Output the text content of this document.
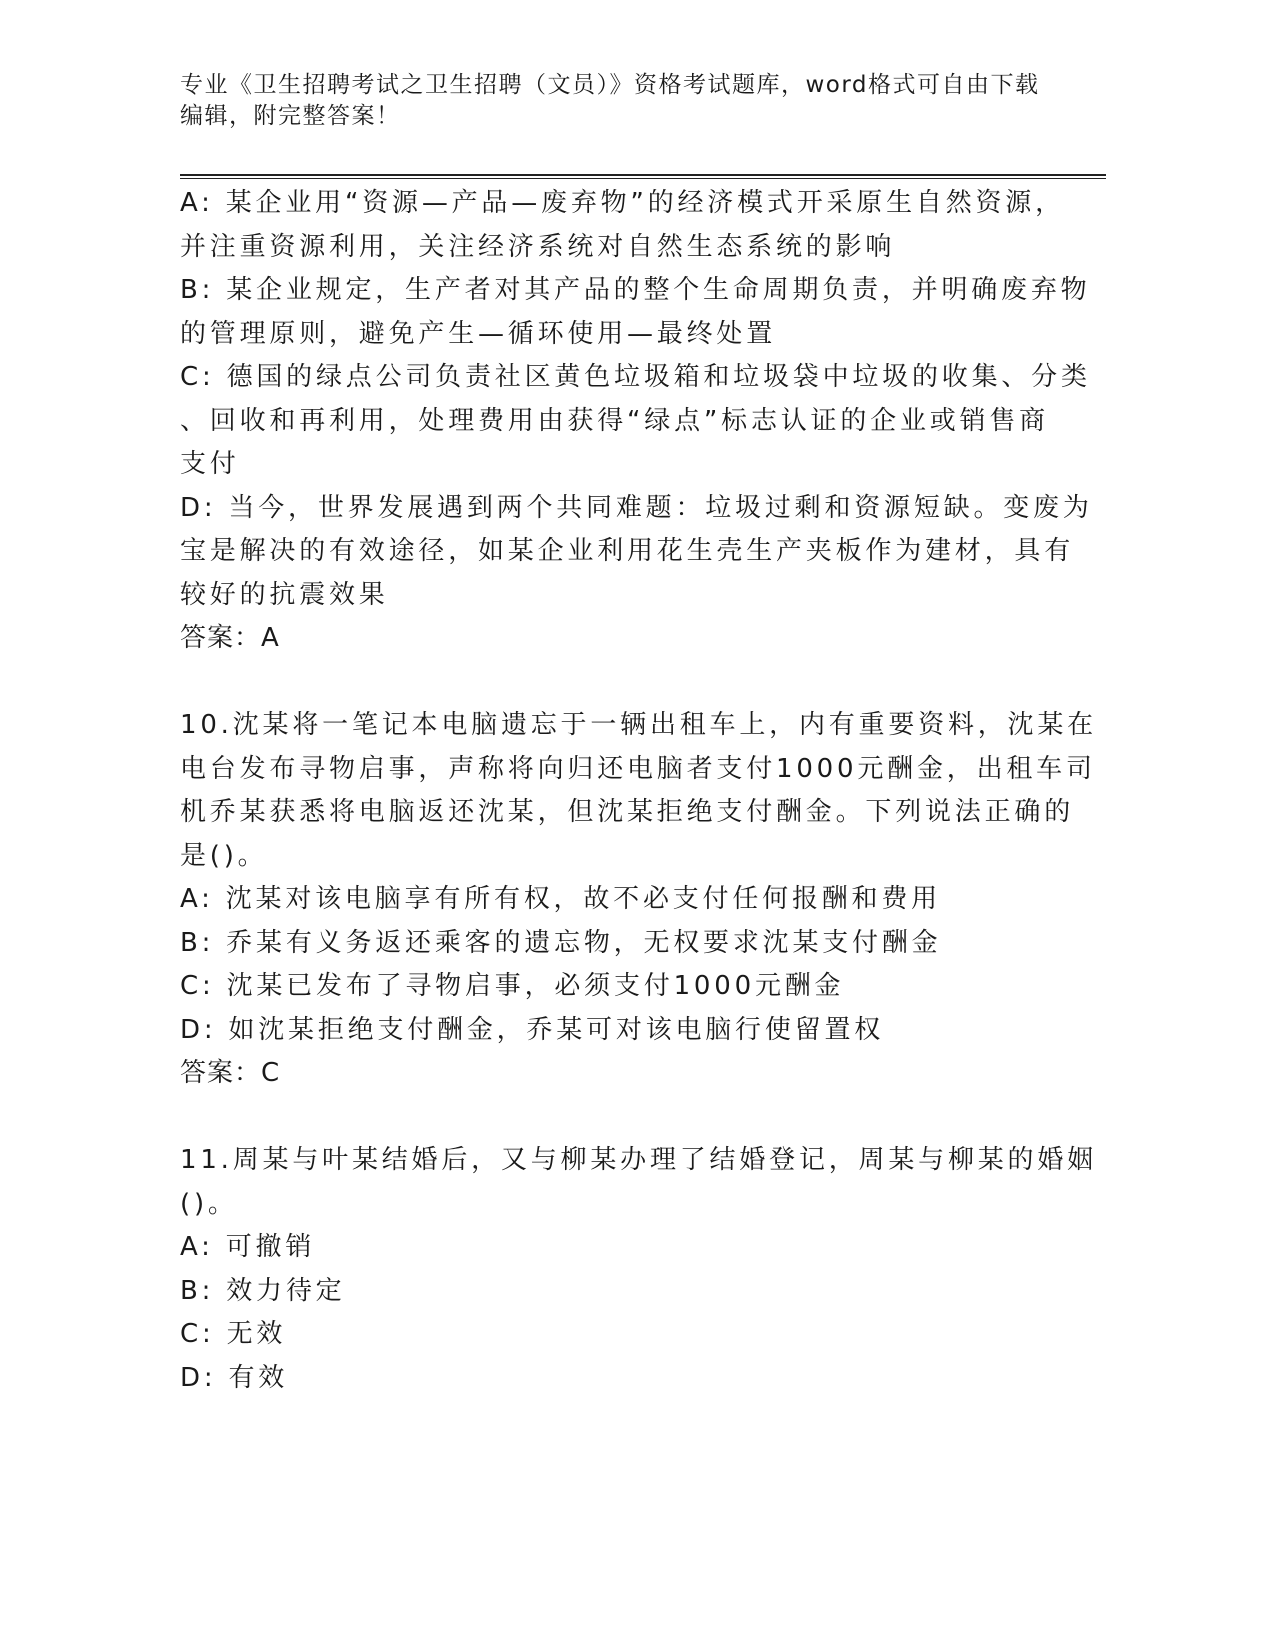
专业《卫生招聘考试之卫生招聘（文员）》资格考试题库，word格式可自由下载
编辑，附完整答案！
A: 某企业用“资源—产品—废弃物”的经济模式开采原生自然资源，
并注重资源利用，关注经济系统对自然生态系统的影响
B: 某企业规定，生产者对其产品的整个生命周期负责，并明确废弃物
的管理原则，避免产生—循环使用—最终处置
C: 德国的绿点公司负责社区黄色垃圾箱和垃圾袋中垃圾的收集、分类
、回收和再利用，处理费用由获得“绿点”标志认证的企业或销售商
支付
D: 当今，世界发展遇到两个共同难题：垃圾过剩和资源短缺。变废为
宝是解决的有效途径，如某企业利用花生壳生产夹板作为建材，具有
较好的抗震效果
答案：A
10.沈某将一笔记本电脑遗忘于一辆出租车上，内有重要资料，沈某在
电台发布寻物启事，声称将向归还电脑者支付1000元酬金，出租车司
机乔某获悉将电脑返还沈某，但沈某拒绝支付酬金。下列说法正确的
是()。
A: 沈某对该电脑享有所有权，故不必支付任何报酬和费用
B: 乔某有义务返还乘客的遗忘物，无权要求沈某支付酬金
C: 沈某已发布了寻物启事，必须支付1000元酬金
D: 如沈某拒绝支付酬金，乔某可对该电脑行使留置权
答案：C
11.周某与叶某结婚后，又与柳某办理了结婚登记，周某与柳某的婚姻
()。
A: 可撤销
B: 效力待定
C: 无效
D: 有效
